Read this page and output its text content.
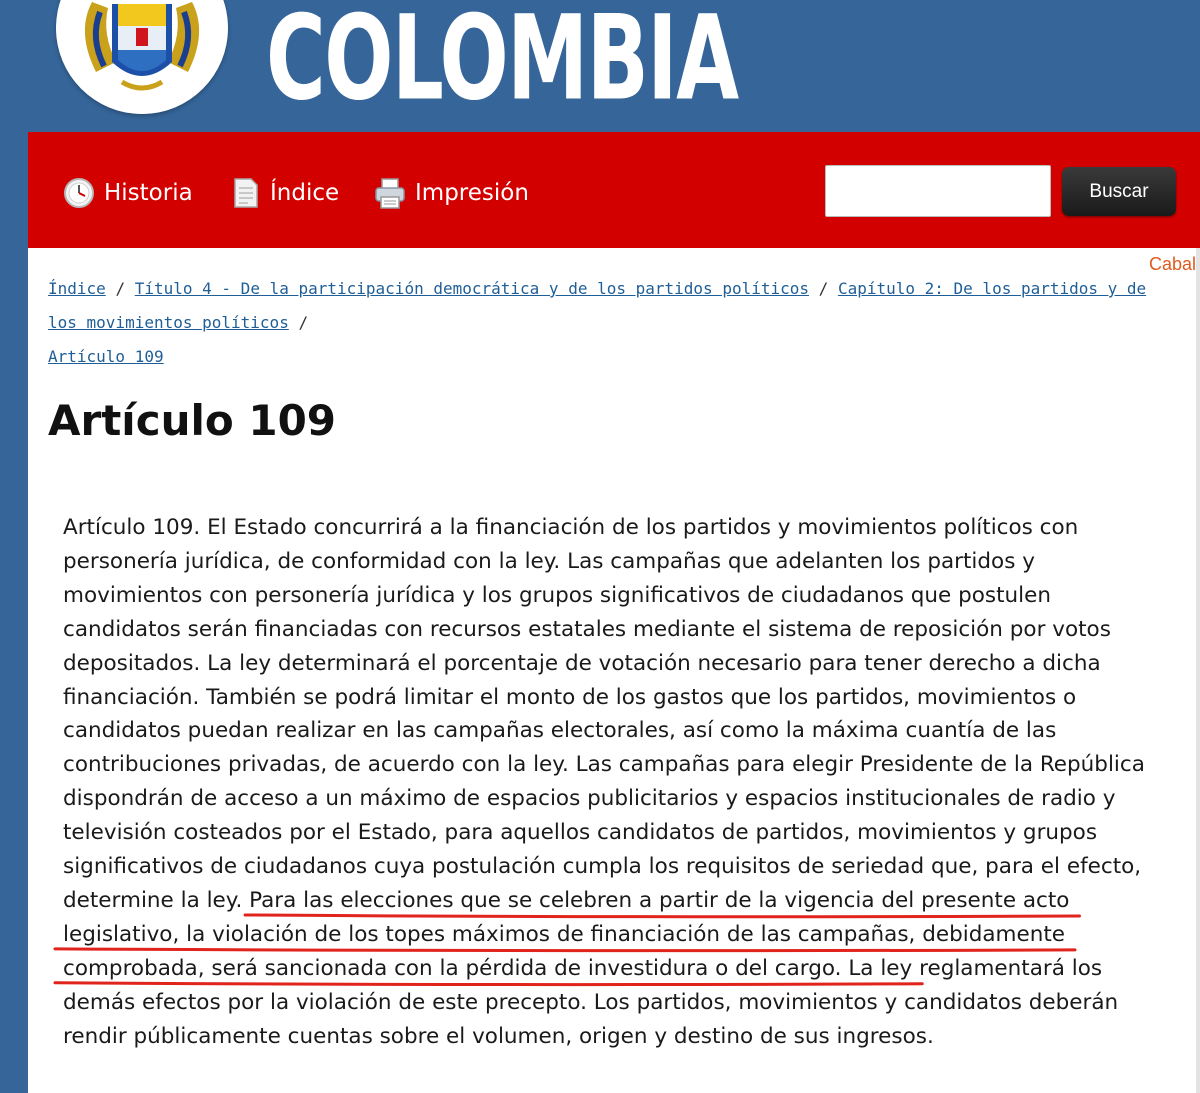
COLOMBIA
Historia	Índice	Impresión	Buscar
Cabal
Índice / Título 4 - De la participación democrática y de los partidos políticos / Capítulo 2: De los partidos y de los movimientos políticos /
Artículo 109
Artículo 109

Artículo 109. El Estado concurrirá a la financiación de los partidos y movimientos políticos con personería jurídica, de conformidad con la ley. Las campañas que adelanten los partidos y movimientos con personería jurídica y los grupos significativos de ciudadanos que postulen candidatos serán financiadas con recursos estatales mediante el sistema de reposición por votos depositados. La ley determinará el porcentaje de votación necesario para tener derecho a dicha financiación. También se podrá limitar el monto de los gastos que los partidos, movimientos o candidatos puedan realizar en las campañas electorales, así como la máxima cuantía de las contribuciones privadas, de acuerdo con la ley. Las campañas para elegir Presidente de la República dispondrán de acceso a un máximo de espacios publicitarios y espacios institucionales de radio y televisión costeados por el Estado, para aquellos candidatos de partidos, movimientos y grupos significativos de ciudadanos cuya postulación cumpla los requisitos de seriedad que, para el efecto, determine la ley. Para las elecciones que se celebren a partir de la vigencia del presente acto legislativo, la violación de los topes máximos de financiación de las campañas, debidamente comprobada, será sancionada con la pérdida de investidura o del cargo. La ley reglamentará los demás efectos por la violación de este precepto. Los partidos, movimientos y candidatos deberán rendir públicamente cuentas sobre el volumen, origen y destino de sus ingresos.
